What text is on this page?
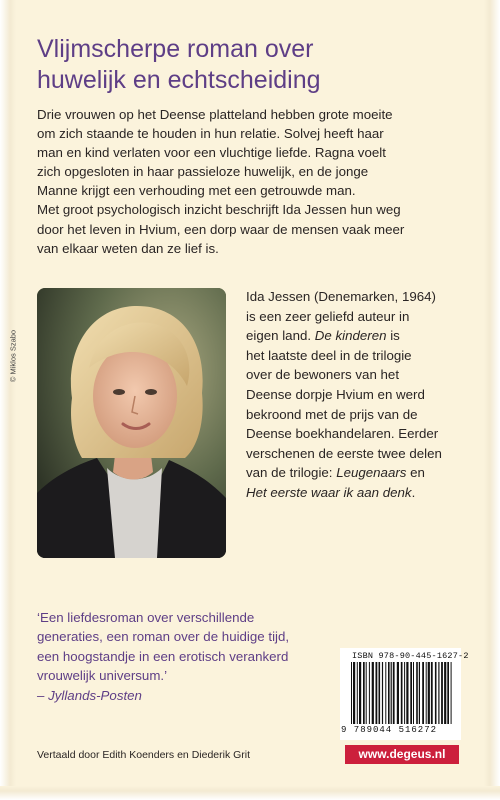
Vlijmscherpe roman over
huwelijk en echtscheiding
Drie vrouwen op het Deense platteland hebben grote moeite
om zich staande te houden in hun relatie. Solvej heeft haar
man en kind verlaten voor een vluchtige liefde. Ragna voelt
zich opgesloten in haar passieloze huwelijk, en de jonge
Manne krijgt een verhouding met een getrouwde man.
Met groot psychologisch inzicht beschrijft Ida Jessen hun weg
door het leven in Hvium, een dorp waar de mensen vaak meer
van elkaar weten dan ze lief is.
© Miklos Szabo
Ida Jessen (Denemarken, 1964)
is een zeer geliefd auteur in
eigen land. De kinderen is
het laatste deel in de trilogie
over de bewoners van het
Deense dorpje Hvium en werd
bekroond met de prijs van de
Deense boekhandelaren. Eerder
verschenen de eerste twee delen
van de trilogie: Leugenaars en
Het eerste waar ik aan denk.
‘Een liefdesroman over verschillende
generaties, een roman over de huidige tijd,
een hoogstandje in een erotisch verankerd
vrouwelijk universum.’
– Jyllands-Posten
ISBN 978-90-445-1627-2
9 789044 516272
www.degeus.nl
Vertaald door Edith Koenders en Diederik Grit
